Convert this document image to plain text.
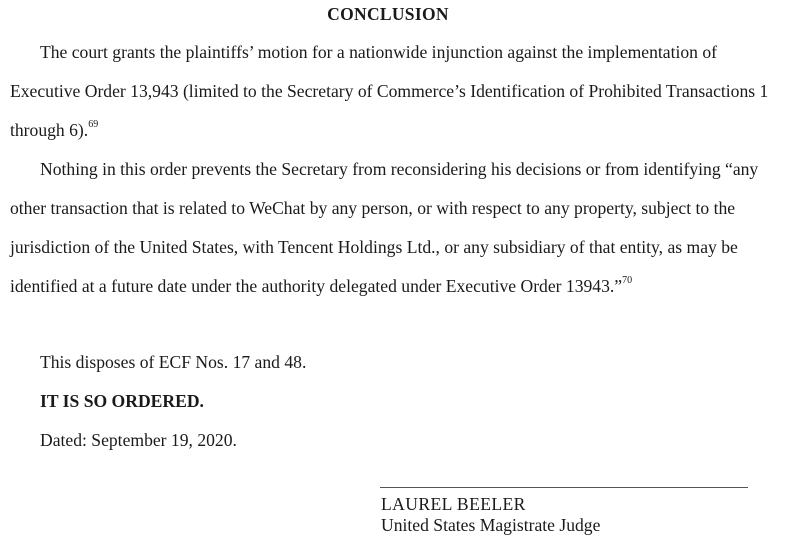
CONCLUSION

The court grants the plaintiffs’ motion for a nationwide injunction against the implementation of Executive Order 13,943 (limited to the Secretary of Commerce’s Identification of Prohibited Transactions 1 through 6).$^{69}$

Nothing in this order prevents the Secretary from reconsidering his decisions or from identifying “any other transaction that is related to WeChat by any person, or with respect to any property, subject to the jurisdiction of the United States, with Tencent Holdings Ltd., or any subsidiary of that entity, as may be identified at a future date under the authority delegated under Executive Order 13943.”$^{70}$

This disposes of ECF Nos. 17 and 48.

IT IS SO ORDERED.

Dated: September 19, 2020.

LAUREL BEELER
United States Magistrate Judge
